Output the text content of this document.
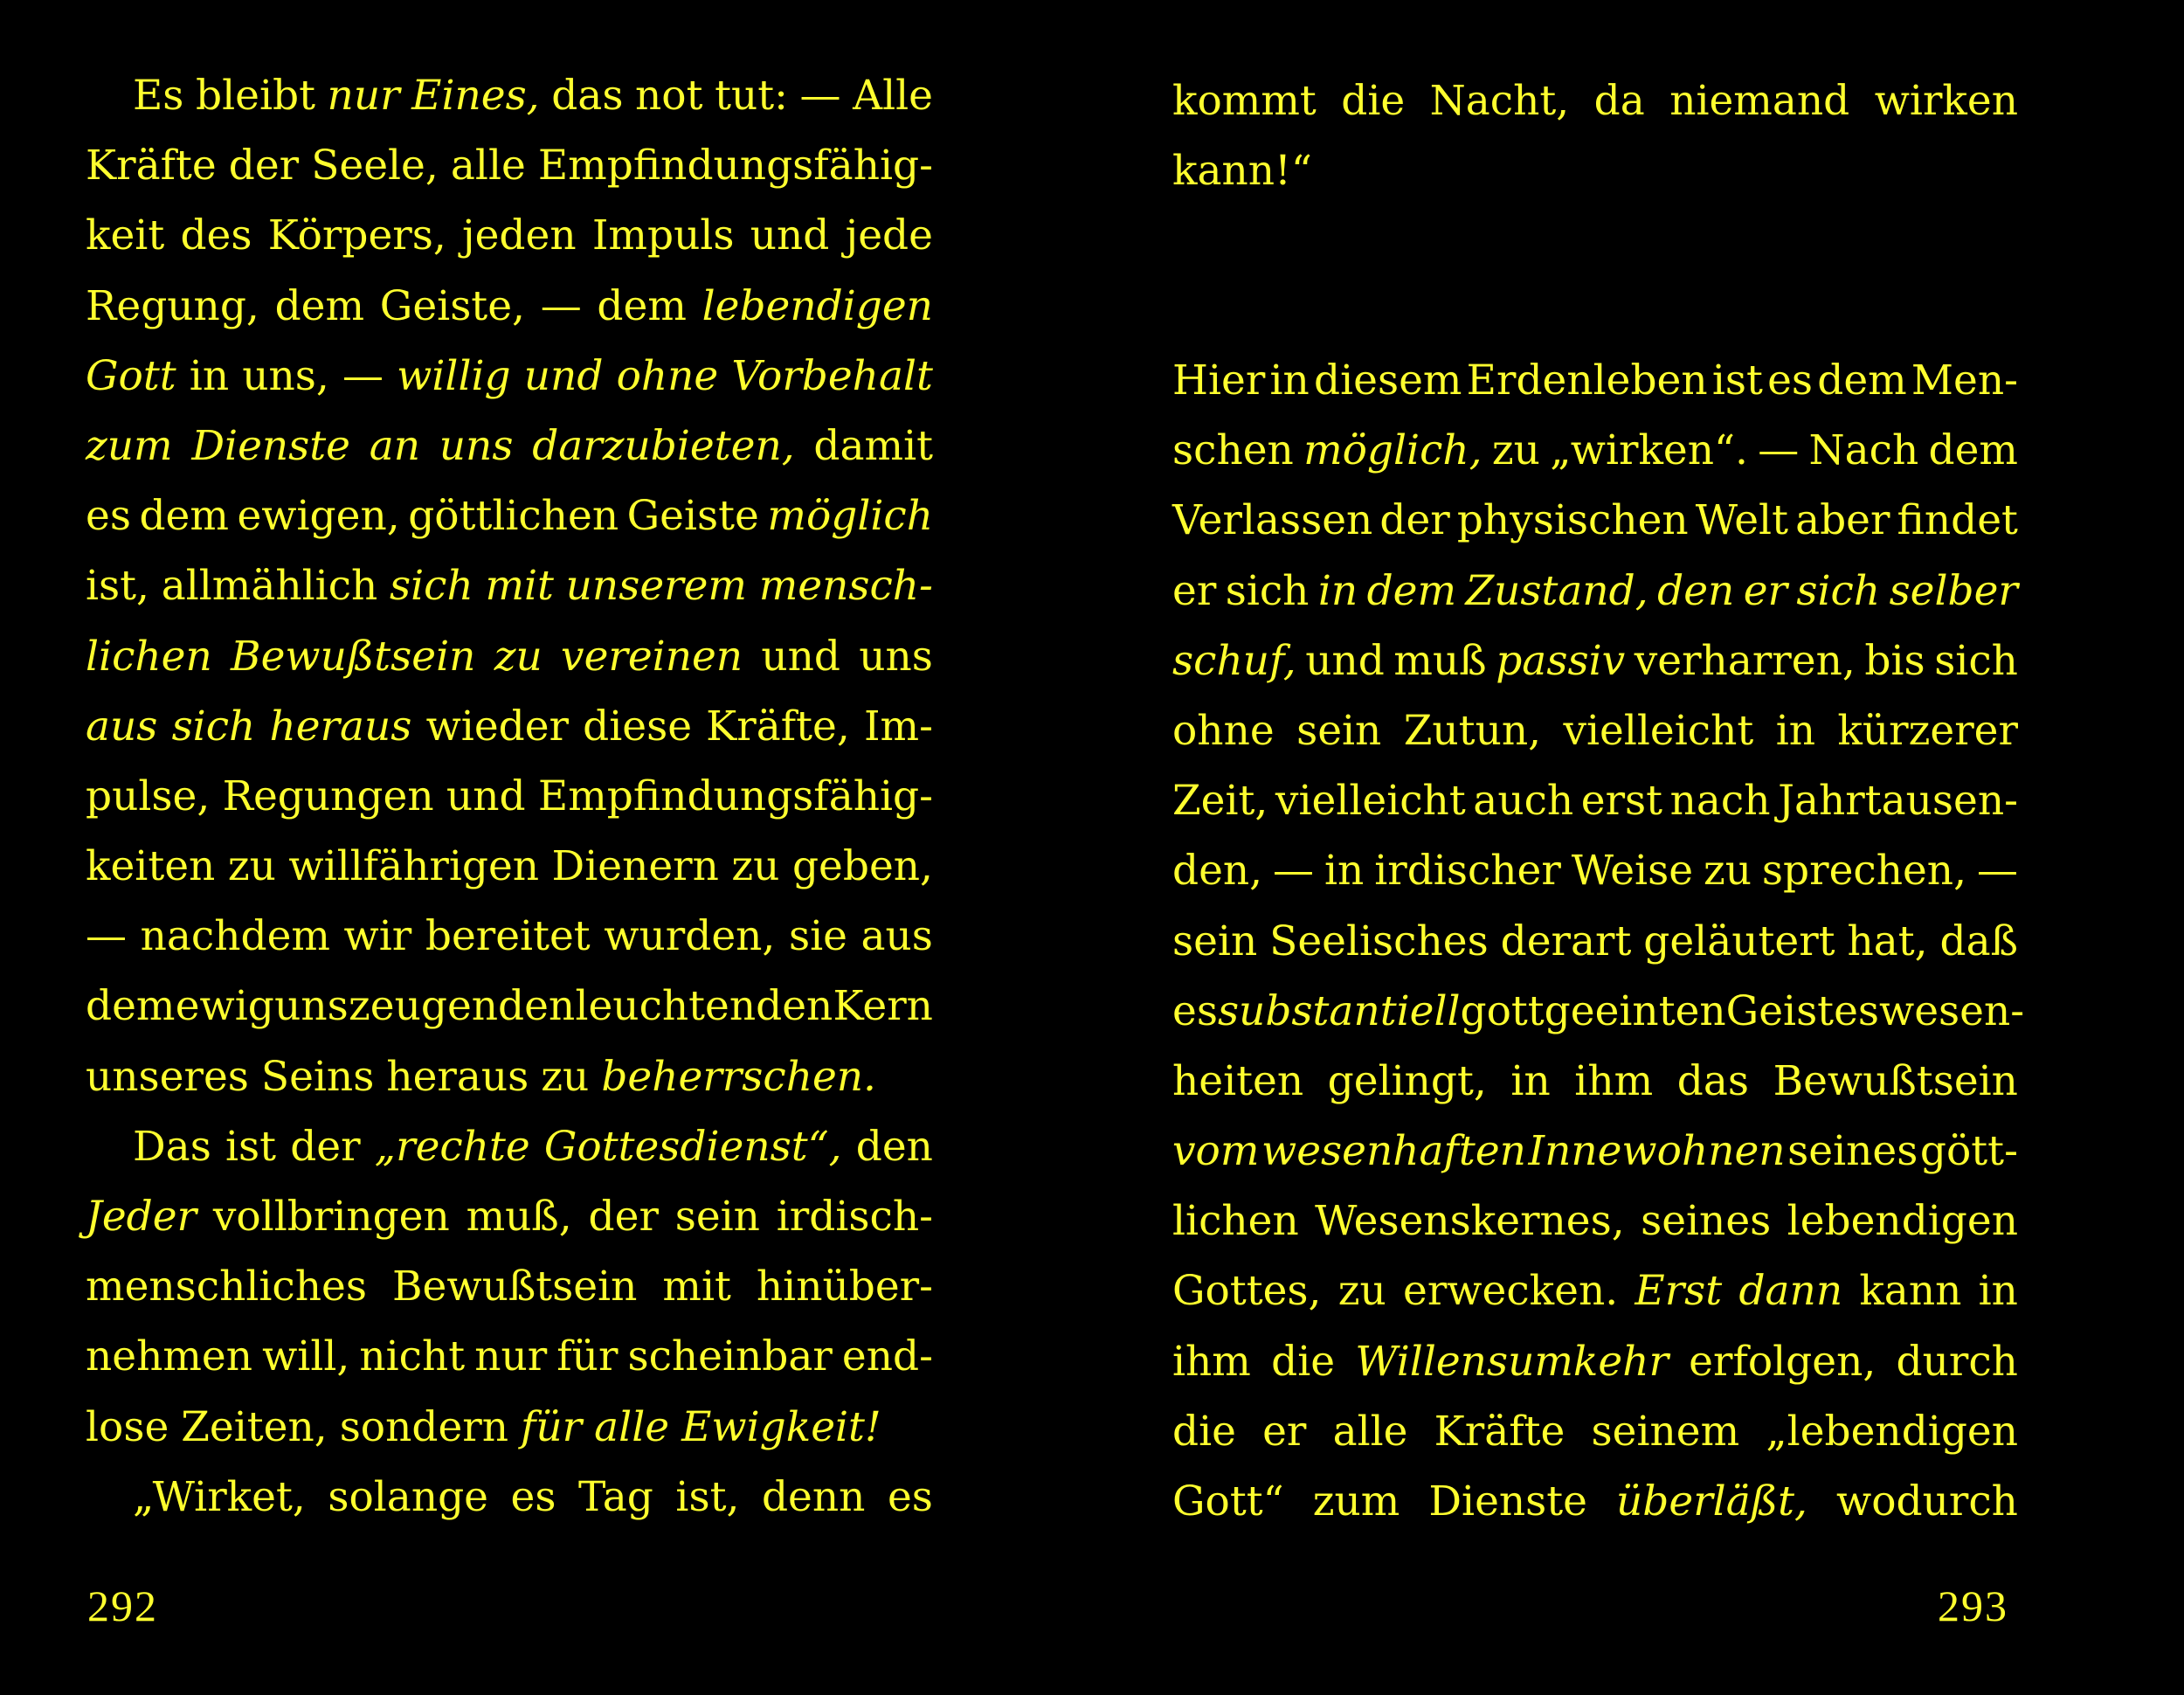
Es bleibt nur Eines, das not tut: — Alle
Kräfte der Seele, alle Empfindungsfähig-
keit des Körpers, jeden Impuls und jede
Regung, dem Geiste, — dem lebendigen
Gott in uns, — willig und ohne Vorbehalt
zum Dienste an uns darzubieten, damit
es dem ewigen, göttlichen Geiste möglich
ist, allmählich sich mit unserem mensch-
lichen Bewußtsein zu vereinen und uns
aus sich heraus wieder diese Kräfte, Im-
pulse, Regungen und Empfindungsfähig-
keiten zu willfährigen Dienern zu geben,
— nachdem wir bereitet wurden, sie aus
dem ewig uns zeugenden leuchtenden Kern
unseres Seins heraus zu beherrschen.
Das ist der „rechte Gottesdienst“, den
Jeder vollbringen muß, der sein irdisch-
menschliches Bewußtsein mit hinüber-
nehmen will, nicht nur für scheinbar end-
lose Zeiten, sondern für alle Ewigkeit!
„Wirket, solange es Tag ist, denn es
292
kommt die Nacht, da niemand wirken
kann!“
Hier in diesem Erdenleben ist es dem Men-
schen möglich, zu „wirken“. — Nach dem
Verlassen der physischen Welt aber findet
er sich in dem Zustand, den er sich selber
schuf, und muß passiv verharren, bis sich
ohne sein Zutun, vielleicht in kürzerer
Zeit, vielleicht auch erst nach Jahrtausen-
den, — in irdischer Weise zu sprechen, —
sein Seelisches derart geläutert hat, daß
es substantiell gottgeeinten Geisteswesen-
heiten gelingt, in ihm das Bewußtsein
vom wesenhaften Innewohnen seines gött-
lichen Wesenskernes, seines lebendigen
Gottes, zu erwecken. Erst dann kann in
ihm die Willensumkehr erfolgen, durch
die er alle Kräfte seinem „lebendigen
Gott“ zum Dienste überläßt, wodurch
293
